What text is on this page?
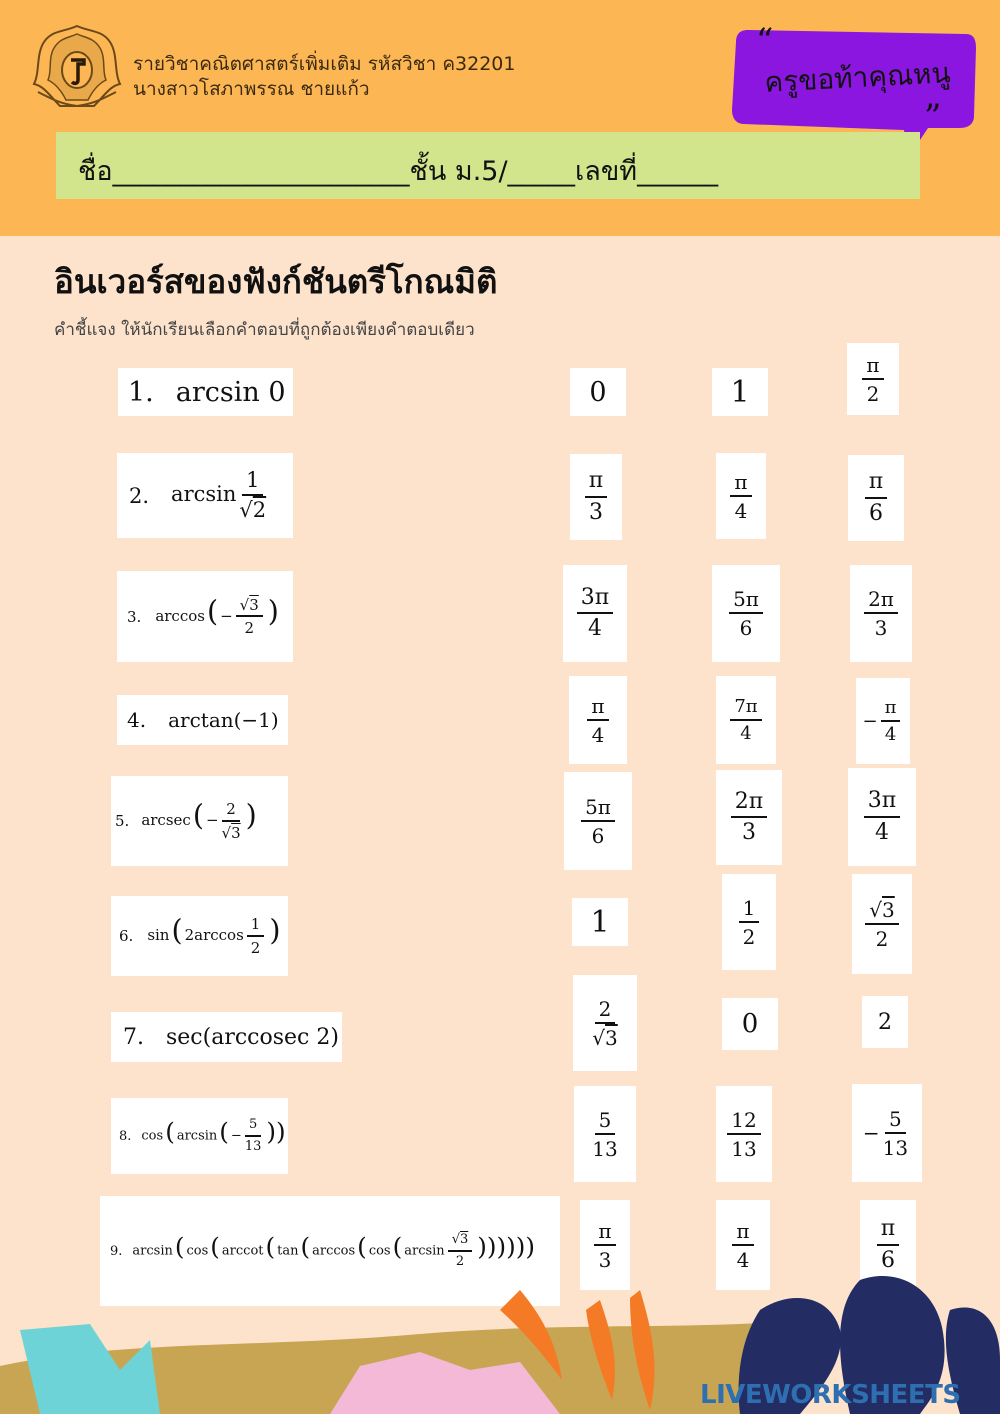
รายวิชาคณิตศาสตร์เพิ่มเติม รหัสวิชา ค32201
นางสาวโสภาพรรณ ชายแก้ว
“
”
ครูขอท้าคุณหนู
ชื่อ______________________ชั้น ม.5/_____เลขที่______
อินเวอร์สของฟังก์ชันตรีโกณมิติ
คำชี้แจง ให้นักเรียนเลือกคำตอบที่ถูกต้องเพียงคำตอบเดียว
1. arcsin 0	0	1	$\frac{\pi}{2}$
2. $\arcsin \frac{1}{√2}$	$\frac{\pi}{3}$	$\frac{\pi}{4}$	$\frac{\pi}{6}$
3. $\arccos( - \frac{√3}{2}$ )	$\frac{3\pi}{4}$	$\frac{5\pi}{6}$	$\frac{2\pi}{3}$
4. arctan(−1)	$\frac{\pi}{4}$	$\frac{7\pi}{4}$	− $\frac{\pi}{4}$
5. $arcsec( - \frac{2}{√3}$ )	$\frac{5\pi}{6}$	$\frac{2\pi}{3}$	$\frac{3\pi}{4}$
6. sin( $2\arccos \frac{1}{2}$ )	1	$\frac{1}{2}$	$\frac{√3}{2}$
7. sec(arccosec 2)	$\frac{2}{√3}$	0	2
8. cos( $\arcsin( - \frac{5}{13}$ ))	$\frac{5}{13}$	$\frac{12}{13}$	− $\frac{5}{13}$
9. arcsin( cos( arccot( tan( arccos( cos( $\arcsin \frac{√3}{2}$ ))))))	$\frac{\pi}{3}$	$\frac{\pi}{4}$	$\frac{\pi}{6}$
LIVEWORKSHEETS
